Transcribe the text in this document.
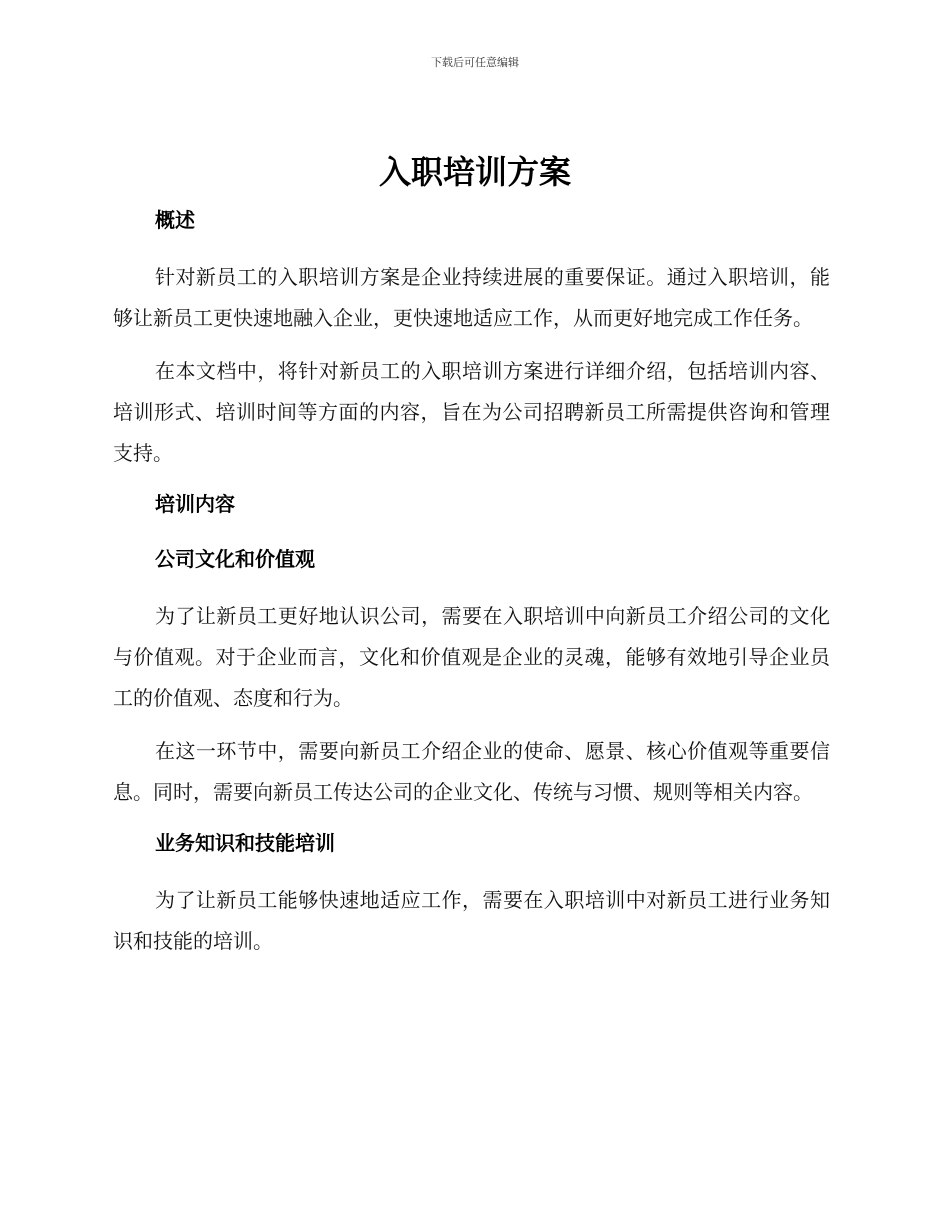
下载后可任意编辑
入职培训方案
概述
针对新员工的入职培训方案是企业持续进展的重要保证。通过入职培训，能够让新员工更快速地融入企业，更快速地适应工作，从而更好地完成工作任务。
在本文档中，将针对新员工的入职培训方案进行详细介绍，包括培训内容、培训形式、培训时间等方面的内容，旨在为公司招聘新员工所需提供咨询和管理支持。
培训内容
公司文化和价值观
为了让新员工更好地认识公司，需要在入职培训中向新员工介绍公司的文化与价值观。对于企业而言，文化和价值观是企业的灵魂，能够有效地引导企业员工的价值观、态度和行为。
在这一环节中，需要向新员工介绍企业的使命、愿景、核心价值观等重要信息。同时，需要向新员工传达公司的企业文化、传统与习惯、规则等相关内容。
业务知识和技能培训
为了让新员工能够快速地适应工作，需要在入职培训中对新员工进行业务知识和技能的培训。
